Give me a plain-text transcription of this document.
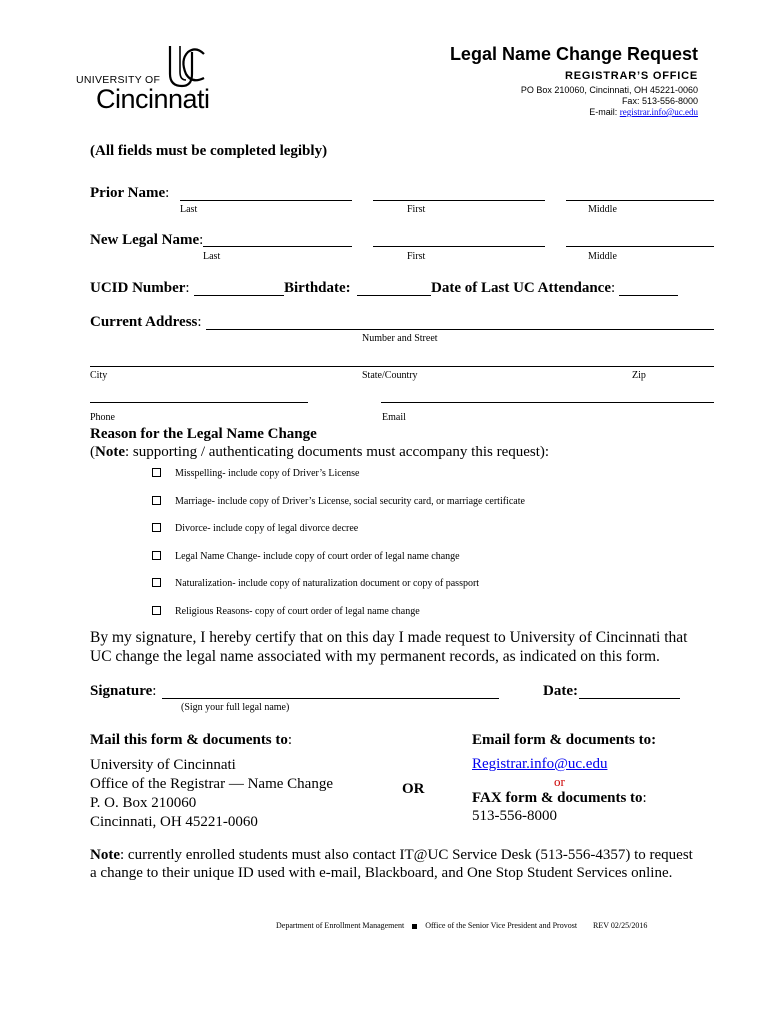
UNIVERSITY OF
Cincinnati
Legal Name Change Request
REGISTRAR’S OFFICE
PO Box 210060, Cincinnati, OH 45221-0060
Fax: 513-556-8000
E-mail: registrar.info@uc.edu
(All fields must be completed legibly)
Prior Name:
Last	First	Middle
New Legal Name:
Last	First	Middle
UCID Number:	Birthdate:	Date of Last UC Attendance:
Current Address:
Number and Street
City	State/Country	Zip
Phone	Email
Reason for the Legal Name Change
(Note: supporting / authenticating documents must accompany this request):
Misspelling- include copy of Driver’s License
Marriage- include copy of Driver’s License, social security card, or marriage certificate
Divorce- include copy of legal divorce decree
Legal Name Change- include copy of court order of legal name change
Naturalization- include copy of naturalization document or copy of passport
Religious Reasons- copy of court order of legal name change
By my signature, I hereby certify that on this day I made request to University of Cincinnati that
UC change the legal name associated with my permanent records, as indicated on this form.
Signature:	Date:
(Sign your full legal name)
Mail this form & documents to:
University of Cincinnati
Office of the Registrar — Name Change
P. O. Box 210060
Cincinnati, OH 45221-0060
OR
Email form & documents to:
Registrar.info@uc.edu
or
FAX form & documents to:
513-556-8000
Note: currently enrolled students must also contact IT@UC Service Desk (513-556-4357) to request
a change to their unique ID used with e-mail, Blackboard, and One Stop Student Services online.
Department of Enrollment Management	Office of the Senior Vice President and Provost REV 02/25/2016
